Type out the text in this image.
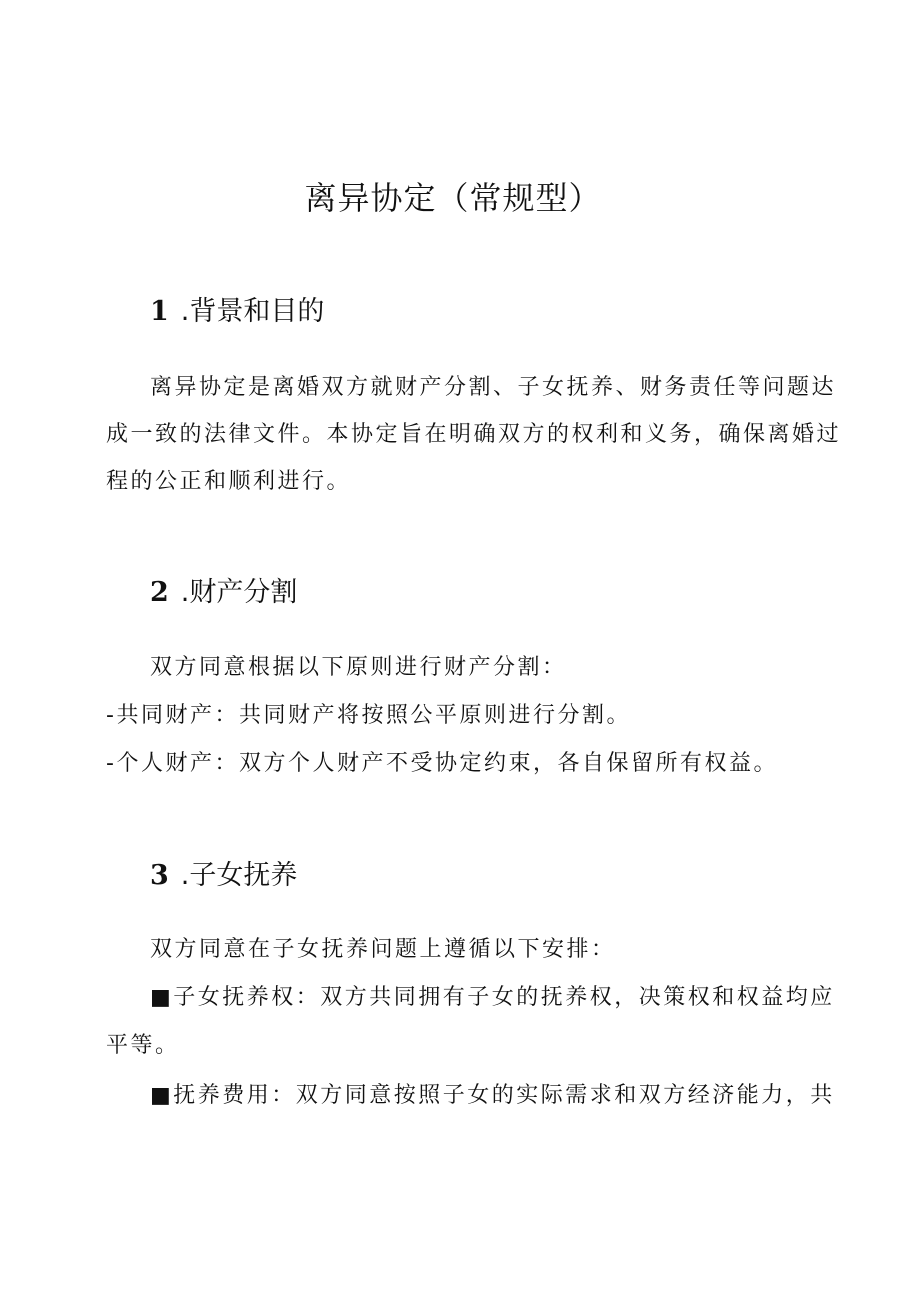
离异协定（常规型）
1 .背景和目的
离异协定是离婚双方就财产分割、子女抚养、财务责任等问题达
成一致的法律文件。本协定旨在明确双方的权利和义务，确保离婚过
程的公正和顺利进行。
2 .财产分割
双方同意根据以下原则进行财产分割：
-共同财产：共同财产将按照公平原则进行分割。
-个人财产：双方个人财产不受协定约束，各自保留所有权益。
3 .子女抚养
双方同意在子女抚养问题上遵循以下安排：
■子女抚养权：双方共同拥有子女的抚养权，决策权和权益均应
平等。
■抚养费用：双方同意按照子女的实际需求和双方经济能力，共
